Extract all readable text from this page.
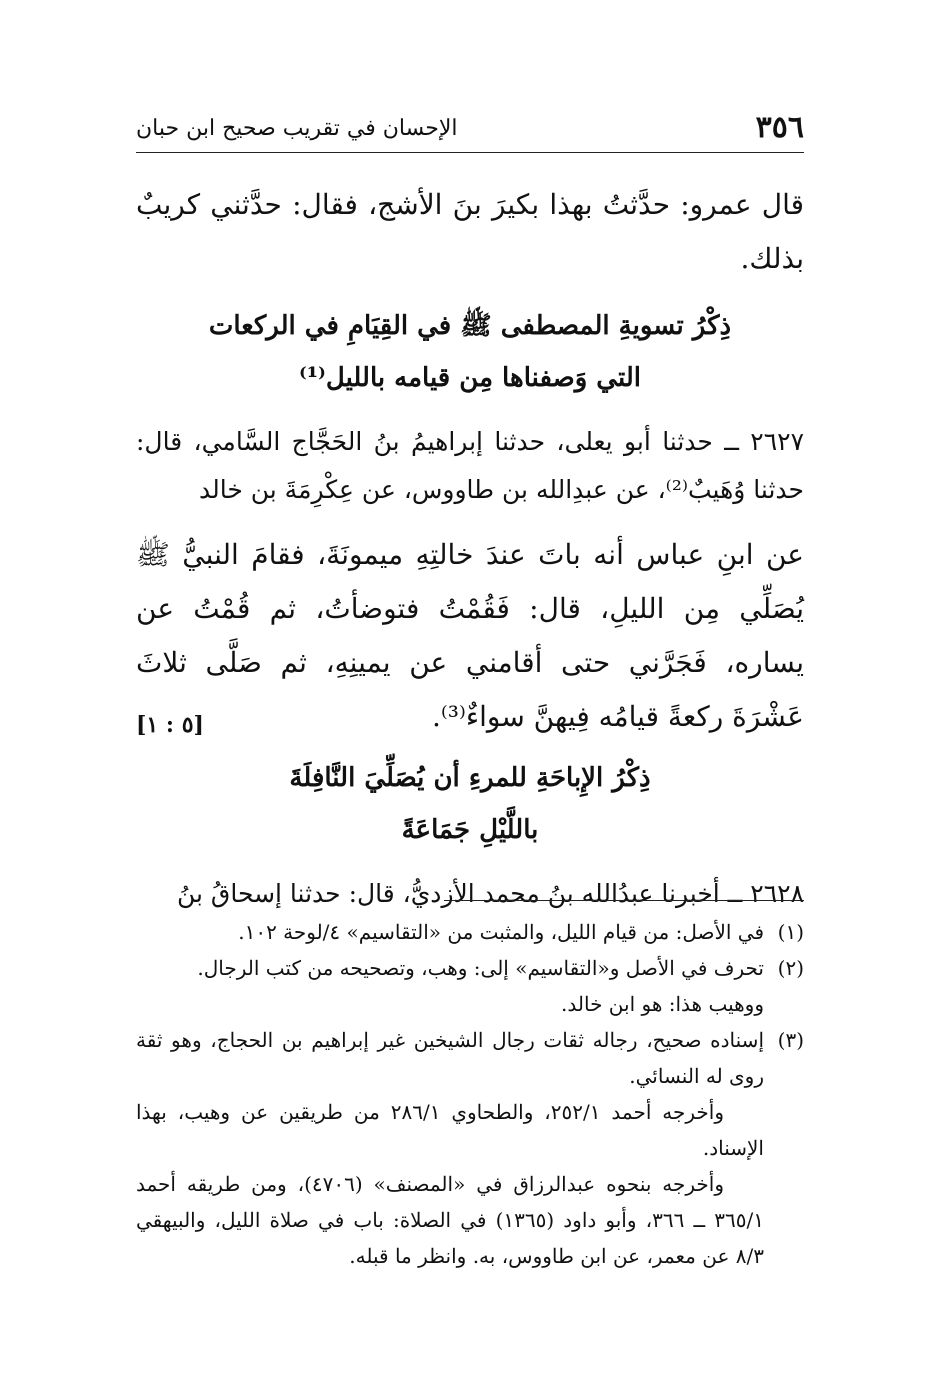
٣٥٦
الإحسان في تقريب صحيح ابن حبان

قال عمرو: حدَّثتُ بهذا بكيرَ بنَ الأشج، فقال: حدَّثني كريبٌ بذلك.

ذِكْرُ تسويةِ المصطفى ﷺ في القِيَامِ في الركعات
التي وَصفناها مِن قيامه بالليل⁽¹⁾

٢٦٢٧ ــ حدثنا أبو يعلى، حدثنا إبراهيمُ بنُ الحَجَّاج السَّامي، قال: حدثنا وُهَيبٌ⁽²⁾، عن عبدِالله بن طاووس، عن عِكْرِمَةَ بن خالد

عن ابنِ عباس أنه باتَ عندَ خالتِهِ ميمونَةَ، فقامَ النبيُّ ﷺ يُصَلِّي مِن الليلِ، قال: فَقُمْتُ فتوضأتُ، ثم قُمْتُ عن يساره، فَجَرَّني حتى أقامني عن يمينِهِ، ثم صَلَّى ثلاثَ عَشْرَةَ ركعةً قيامُه فِيهنَّ سواءٌ⁽³⁾.

[٥ : ١]
ذِكْرُ الإِباحَةِ للمرءِ أن يُصَلِّيَ النَّافِلَةَ
باللَّيْلِ جَمَاعَةً

٢٦٢٨ ــ أخبرنا عبدُالله بنُ محمد الأزديُّ، قال: حدثنا إسحاقُ بنُ

(١)
في الأصل: من قيام الليل، والمثبت من «التقاسيم» ٤/لوحة ١٠٢.
(٢)
تحرف في الأصل و«التقاسيم» إلى: وهب، وتصحيحه من كتب الرجال.
ووهيب هذا: هو ابن خالد.
(٣)
إسناده صحيح، رجاله ثقات رجال الشيخين غير إبراهيم بن الحجاج، وهو ثقة روى له النسائي.
وأخرجه أحمد ٢٥٢/١، والطحاوي ٢٨٦/١ من طريقين عن وهيب، بهذا الإسناد.
وأخرجه بنحوه عبدالرزاق في «المصنف» (٤٧٠٦)، ومن طريقه أحمد ٣٦٥/١ ــ ٣٦٦، وأبو داود (١٣٦٥) في الصلاة: باب في صلاة الليل، والبيهقي ٨/٣ عن معمر، عن ابن طاووس، به. وانظر ما قبله.
